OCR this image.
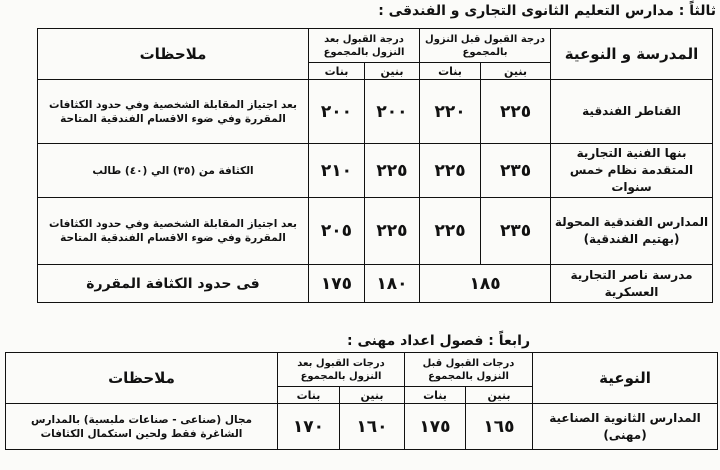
ثالثاً : مدارس التعليم الثانوى التجارى و الفندقى :
المدرسة و النوعية	درجة القبول قبل النزول بالمجموع		درجة القبول بعد النزول بالمجموع		ملاحظات
	بنين	بنات	بنين	بنات	
القناطر الفندقية	٢٢٥	٢٢٠	٢٠٠	٢٠٠	بعد اجتياز المقابلة الشخصية وفي حدود الكثافات المقررة وفي ضوء الاقسام الفندقية المتاحة
بنها الفنية التجارية المتقدمة نظام خمس سنوات	٢٣٥	٢٢٥	٢٢٥	٢١٠	الكثافة من (٣٥) الي (٤٠) طالب
المدارس الفندقية المحولة (بهتيم الفندقية)	٢٣٥	٢٢٥	٢٢٥	٢٠٥	بعد اجتياز المقابلة الشخصية وفي حدود الكثافات المقررة وفي ضوء الاقسام الفندقية المتاحة
مدرسة ناصر التجارية العسكرية	١٨٥		١٨٠	١٧٥	فى حدود الكثافة المقررة
رابعاً : فصول اعداد مهنى :
النوعية	درجات القبول قبل النزول بالمجموع		درجات القبول بعد النزول بالمجموع		ملاحظات
	بنين	بنات	بنين	بنات	
المدارس الثانوية الصناعية (مهنى)	١٦٥	١٧٥	١٦٠	١٧٠	مجال (صناعى - صناعات ملبسية) بالمدارس الشاغرة فقط ولحين استكمال الكثافات
